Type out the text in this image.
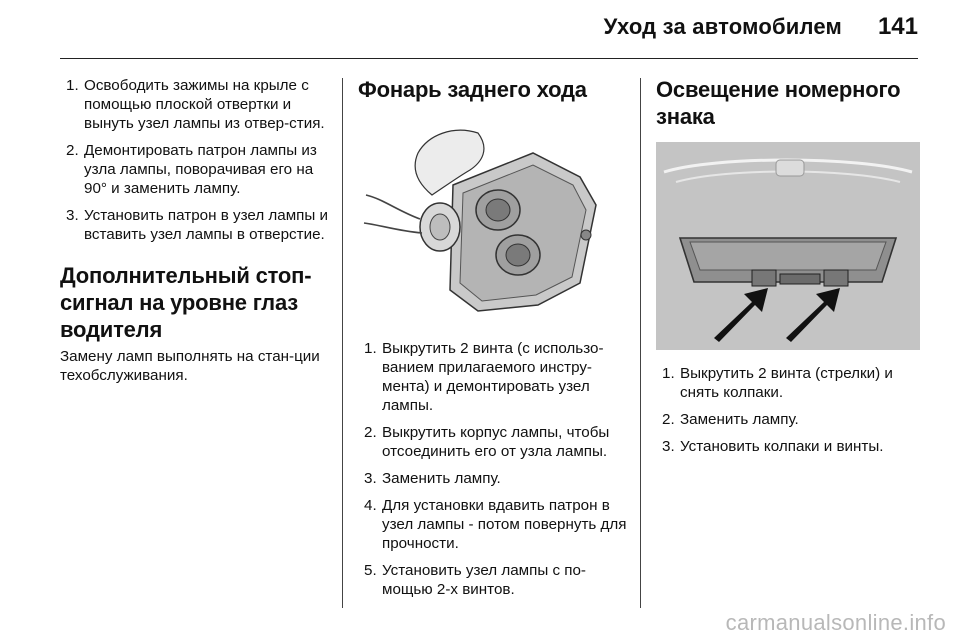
Уход за автомобилем 141
1. Освободить зажимы на крыле с помощью плоской отвертки и вынуть узел лампы из отвер-стия.
2. Демонтировать патрон лампы из узла лампы, поворачивая его на 90° и заменить лампу.
3. Установить патрон в узел лампы и вставить узел лампы в отверстие.
Дополнительный стоп-сигнал на уровне глаз водителя
Замену ламп выполнять на стан-ции техобслуживания.
Фонарь заднего хода
1. Выкрутить 2 винта (с использо-ванием прилагаемого инстру-мента) и демонтировать узел лампы.
2. Выкрутить корпус лампы, чтобы отсоединить его от узла лампы.
3. Заменить лампу.
4. Для установки вдавить патрон в узел лампы - потом повернуть для прочности.
5. Установить узел лампы с по-мощью 2-х винтов.
Освещение номерного знака
1. Выкрутить 2 винта (стрелки) и снять колпаки.
2. Заменить лампу.
3. Установить колпаки и винты.
carmanualsonline.info
